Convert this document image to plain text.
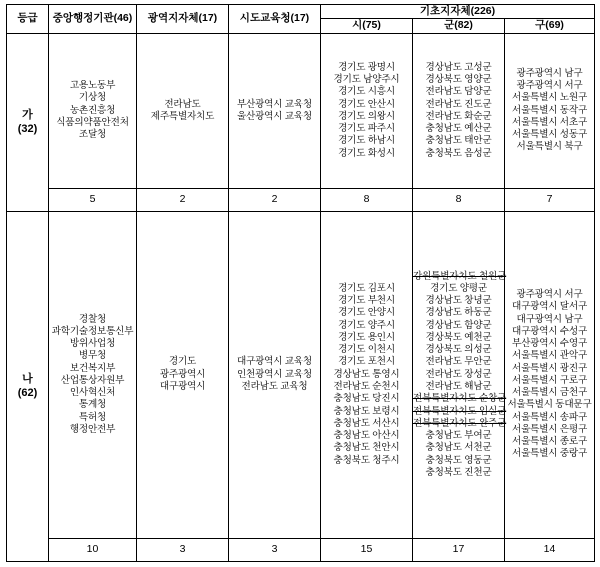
등급	중앙행정기관(46)	광역지자체(17)	시도교육청(17)	기초지자체(226)		
				시(75)	군(82)	구(69)

가
(32)

고용노동부
기상청
농촌진흥청
식품의약품안전처
조달청

전라남도
제주특별자치도

부산광역시 교육청
울산광역시 교육청

경기도 광명시
경기도 남양주시
경기도 시흥시
경기도 안산시
경기도 의왕시
경기도 파주시
경기도 하남시
경기도 화성시

경상남도 고성군
경상북도 영양군
전라남도 담양군
전라남도 진도군
전라남도 화순군
충청남도 예산군
충청남도 태안군
충청북도 음성군

광주광역시 남구
광주광역시 서구
서울특별시 노원구
서울특별시 동작구
서울특별시 서초구
서울특별시 성동구
서울특별시 북구

	5	2	2	8	8	7

나
(62)

경찰청
과학기술정보통신부
방위사업청
병무청
보건복지부
산업통상자원부
인사혁신처
통계청
특허청
행정안전부

경기도
광주광역시
대구광역시

대구광역시 교육청
인천광역시 교육청
전라남도 교육청

경기도 김포시
경기도 부천시
경기도 안양시
경기도 양주시
경기도 용인시
경기도 이천시
경기도 포천시
경상남도 통영시
전라남도 순천시
충청남도 당진시
충청남도 보령시
충청남도 서산시
충청남도 아산시
충청남도 천안시
충청북도 청주시

강원특별자치도 철원군
경기도 양평군
경상남도 창녕군
경상남도 하동군
경상남도 함양군
경상북도 예천군
경상북도 의성군
전라남도 무안군
전라남도 장성군
전라남도 해남군
전북특별자치도 순창군
전북특별자치도 임실군
전북특별자치도 완주군
충청남도 부여군
충청남도 서천군
충청북도 영동군
충청북도 진천군

광주광역시 서구
대구광역시 달서구
대구광역시 남구
대구광역시 수성구
부산광역시 수영구
서울특별시 관악구
서울특별시 광진구
서울특별시 구로구
서울특별시 금천구
서울특별시 동대문구
서울특별시 송파구
서울특별시 은평구
서울특별시 종로구
서울특별시 중랑구

	10	3	3	15	17	14
